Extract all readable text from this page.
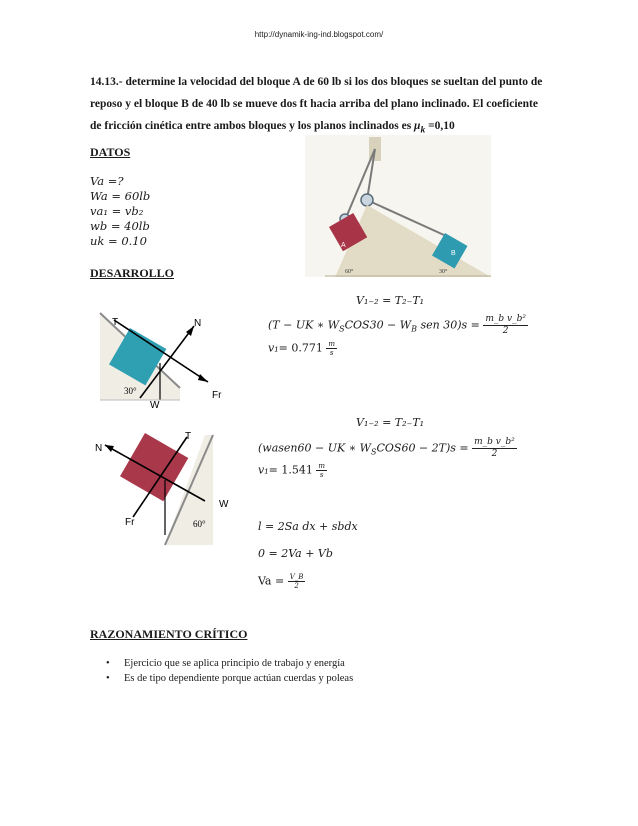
http://dynamik-ing-ind.blogspot.com/
14.13.- determine la velocidad del bloque A de 60 lb si los dos bloques se sueltan del punto de reposo y el bloque B de 40 lb se mueve dos ft hacia arriba del plano inclinado. El coeficiente de fricción cinética entre ambos bloques y los planos inclinados es $\mu_k =0,10$
DATOS
Va =?
Wa = 60lb
va₁ = vb₂
wb = 40lb
uk = 0.10	A
B
60°	30°
DESARROLLO
T	N
W
Fr
30°
N
T
W
Fr	60°
V₁₋₂ = T₂₋T₁
(T − UK ∗ $W_SCOS30 - W_B$ sen $30)s = \frac{\text{m\_b v\_b²}}{2}$
$v_1= 0.771 \frac{m}{s}$
V₁₋₂ = T₂₋T₁
(wasen60 − UK ∗ $W_SCOS60 - 2T)s = \frac{\text{m\_b v\_b²}}{2}$
$v_1= 1.541 \frac{m}{s}$
l = 2Sa dx + sbdx
0 = 2Va + Vb
$Va = \frac{V\_B}{2}$
RAZONAMIENTO CRÍTICO
• Ejercicio que se aplica principio de trabajo y energía
• Es de tipo dependiente porque actúan cuerdas y poleas
